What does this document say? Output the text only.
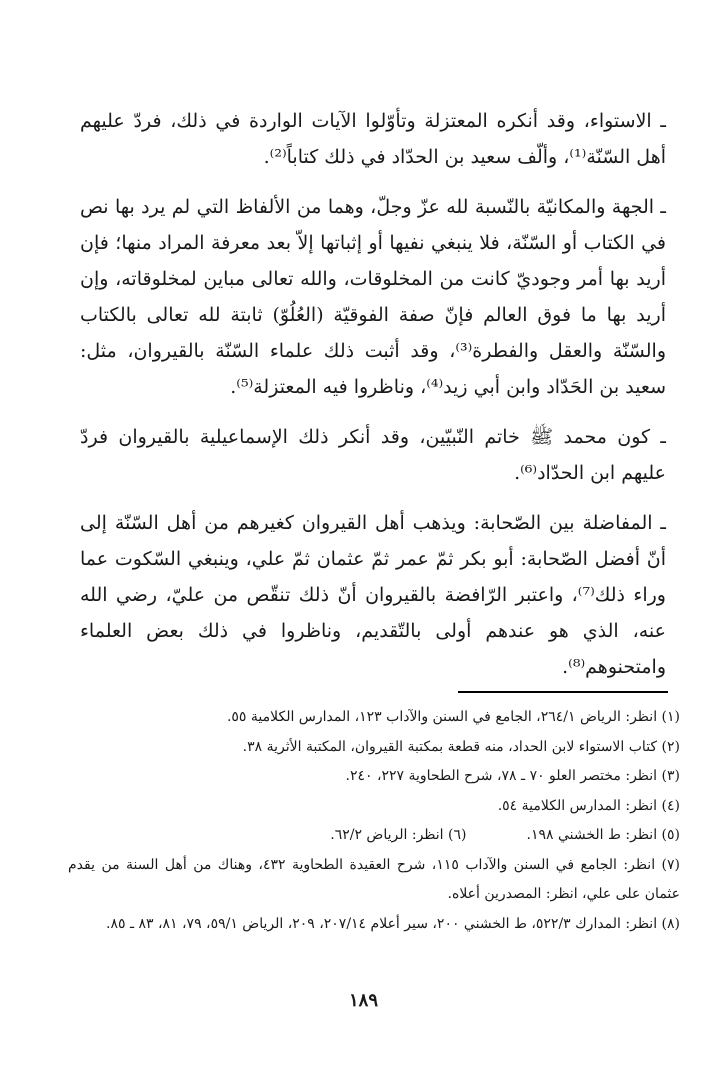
ـ الاستواء، وقد أنكره المعتزلة وتأوّلوا الآيات الواردة في ذلك، فردّ عليهم أهل السّنّة⁽¹⁾، وألّف سعيد بن الحدّاد في ذلك كتاباً⁽²⁾.

ـ الجهة والمكانيّة بالنّسبة لله عزّ وجلّ، وهما من الألفاظ التي لم يرد بها نص في الكتاب أو السّنّة، فلا ينبغي نفيها أو إثباتها إلاّ بعد معرفة المراد منها؛ فإن أريد بها أمر وجوديّ كانت من المخلوقات، والله تعالى مباين لمخلوقاته، وإن أريد بها ما فوق العالم فإنّ صفة الفوقيّة (العُلُوّ) ثابتة لله تعالى بالكتاب والسّنّة والعقل والفطرة⁽³⁾، وقد أثبت ذلك علماء السّنّة بالقيروان، مثل: سعيد بن الحَدّاد وابن أبي زيد⁽⁴⁾، وناظروا فيه المعتزلة⁽⁵⁾.

ـ كون محمد ﷺ خاتم النّبيّين، وقد أنكر ذلك الإسماعيلية بالقيروان فردّ عليهم ابن الحدّاد⁽⁶⁾.

ـ المفاضلة بين الصّحابة: ويذهب أهل القيروان كغيرهم من أهل السّنّة إلى أنّ أفضل الصّحابة: أبو بكر ثمّ عمر ثمّ عثمان ثمّ علي، وينبغي السّكوت عما وراء ذلك⁽⁷⁾، واعتبر الرّافضة بالقيروان أنّ ذلك تنقّص من عليّ، رضي الله عنه، الذي هو عندهم أولى بالتّقديم، وناظروا في ذلك بعض العلماء وامتحنوهم⁽⁸⁾.

(١) انظر: الرياض ٢٦٤/١، الجامع في السنن والآداب ١٢٣، المدارس الكلامية ٥٥.

(٢) كتاب الاستواء لابن الحداد، منه قطعة بمكتبة القيروان، المكتبة الأثرية ٣٨.

(٣) انظر: مختصر العلو ٧٠ ـ ٧٨، شرح الطحاوية ٢٢٧، ٢٤٠.

(٤) انظر: المدارس الكلامية ٥٤.

(٥) انظر: ط الخشني ١٩٨.
(٦) انظر: الرياض ٦٢/٢.

(٧) انظر: الجامع في السنن والآداب ١١٥، شرح العقيدة الطحاوية ٤٣٢، وهناك من أهل السنة من يقدم عثمان على علي، انظر: المصدرين أعلاه.

(٨) انظر: المدارك ٥٢٢/٣، ط الخشني ٢٠٠، سير أعلام ٢٠٧/١٤، ٢٠٩، الرياض ٥٩/١، ٧٩، ٨١، ٨٣ ـ ٨٥.

١٨٩
